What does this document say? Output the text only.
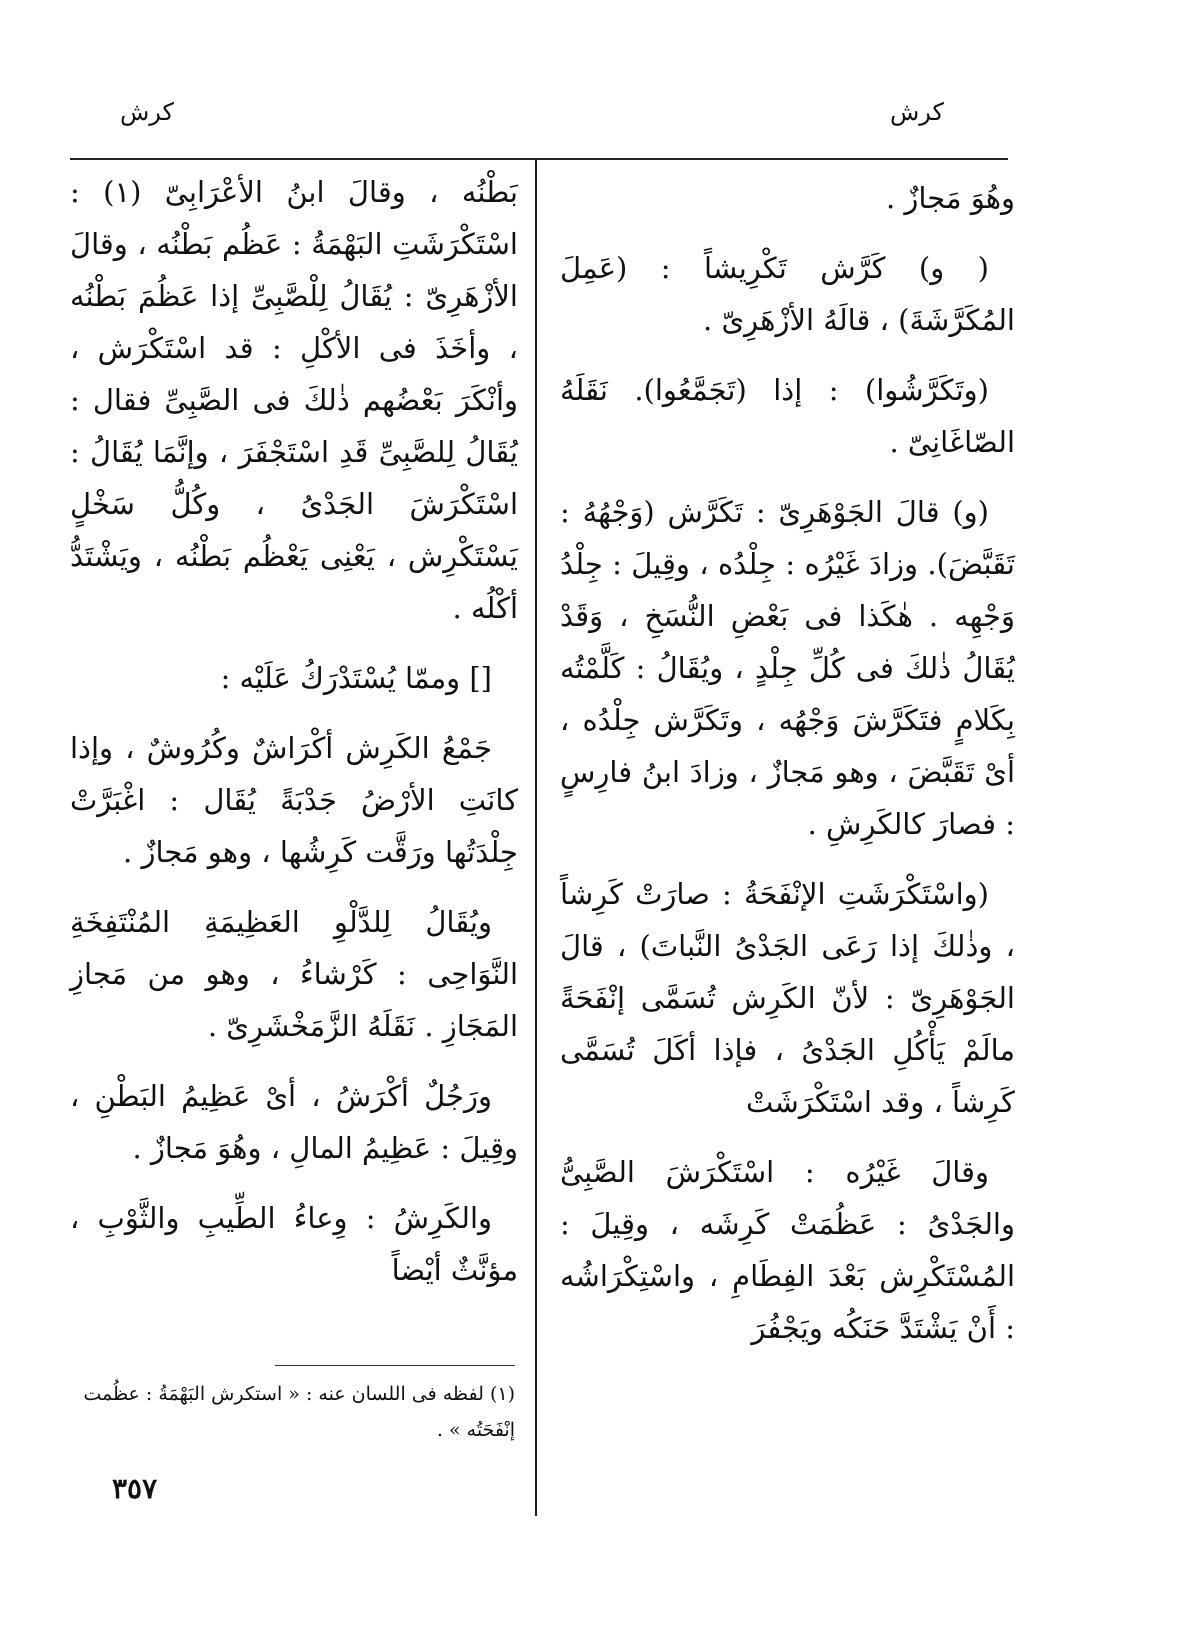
كرش	كرش

وهُوَ مَجازٌ .

( و) كَرَّش تَكْرِيشاً : (عَمِلَ المُكَرَّشَةَ) ، قالَهُ الأزْهَرِىّ .

(وتَكَرَّشُوا) : إذا (تَجَمَّعُوا). نَقَلَهُ الصّاغَانِىّ .

(و) قالَ الجَوْهَرِىّ : تَكَرَّش (وَجْهُهُ : تَقَبَّضَ). وزادَ غَيْرُه : جِلْدُه ، وقِيلَ : جِلْدُ وَجْهِه . هٰكَذا فى بَعْضِ النُّسَخِ ، وَقَدْ يُقَالُ ذٰلكَ فى كُلِّ جِلْدٍ ، ويُقَالُ : كَلَّمْتُه بِكَلامٍ فتَكَرَّشَ وَجْهُه ، وتَكَرَّش جِلْدُه ، أىْ تَقَبَّضَ ، وهو مَجازٌ ، وزادَ ابنُ فارِسٍ : فصارَ كالكَرِشِ .

(واسْتَكْرَشَتِ الإنْفَحَةُ : صارَتْ كَرِشاً ، وذٰلكَ إذا رَعَى الجَدْىُ النَّباتَ) ، قالَ الجَوْهَرِىّ : لأنّ الكَرِش تُسَمَّى إنْفَحَةً مالَمْ يَأْكُلِ الجَدْىُ ، فإذا أكَلَ تُسَمَّى كَرِشاً ، وقد اسْتَكْرَشَتْ

وقالَ غَيْرُه : اسْتَكْرَشَ الصَّبِىُّ والجَدْىُ : عَظُمَتْ كَرِشَه ، وقِيلَ : المُسْتَكْرِش بَعْدَ الفِطَامِ ، واسْتِكْرَاشُه : أَنْ يَشْتَدَّ حَنَكُه ويَجْفُرَ

بَطْنُه ، وقالَ ابنُ الأعْرَابِىّ (١) : اسْتَكْرَشَتِ البَهْمَةُ : عَظُم بَطْنُه ، وقالَ الأزْهَرِىّ : يُقَالُ لِلْصَّبِىِّ إذا عَظُمَ بَطْنُه ، وأخَذَ فى الأكْلِ : قد اسْتَكْرَش ، وأنْكَرَ بَعْضُهم ذٰلكَ فى الصَّبِىِّ فقال : يُقَالُ لِلصَّبِىِّ قَدِ اسْتَجْفَرَ ، وإنَّمَا يُقَالُ : اسْتَكْرَشَ الجَدْىُ ، وكُلُّ سَخْلٍ يَسْتَكْرِش ، يَعْنِى يَعْظُم بَطْنُه ، ويَشْتَدُّ أكْلُه .

[] وممّا يُسْتَدْرَكُ عَلَيْه :

جَمْعُ الكَرِش أكْرَاشٌ وكُرُوشٌ ، وإذا كانَتِ الأرْضُ جَدْبَةً يُقَال : اغْبَرَّتْ جِلْدَتُها ورَقَّت كَرِشُها ، وهو مَجازٌ .

ويُقَالُ لِلدَّلْوِ العَظِيمَةِ المُنْتَفِخَةِ النَّوَاحِى : كَرْشاءُ ، وهو من مَجازِ المَجَازِ . نَقَلَهُ الزَّمَخْشَرِىّ .

ورَجُلٌ أكْرَشُ ، أىْ عَظِيمُ البَطْنِ ، وقِيلَ : عَظِيمُ المالِ ، وهُوَ مَجازٌ .

والكَرِشُ : وِعاءُ الطِّيبِ والثَّوْبِ ، مؤنَّثٌ أيْضاً

(١) لفظه فى اللسان عنه : « استكرش البَهْمَةُ : عظُمت إنْفَحَتُه » .
٣٥٧
